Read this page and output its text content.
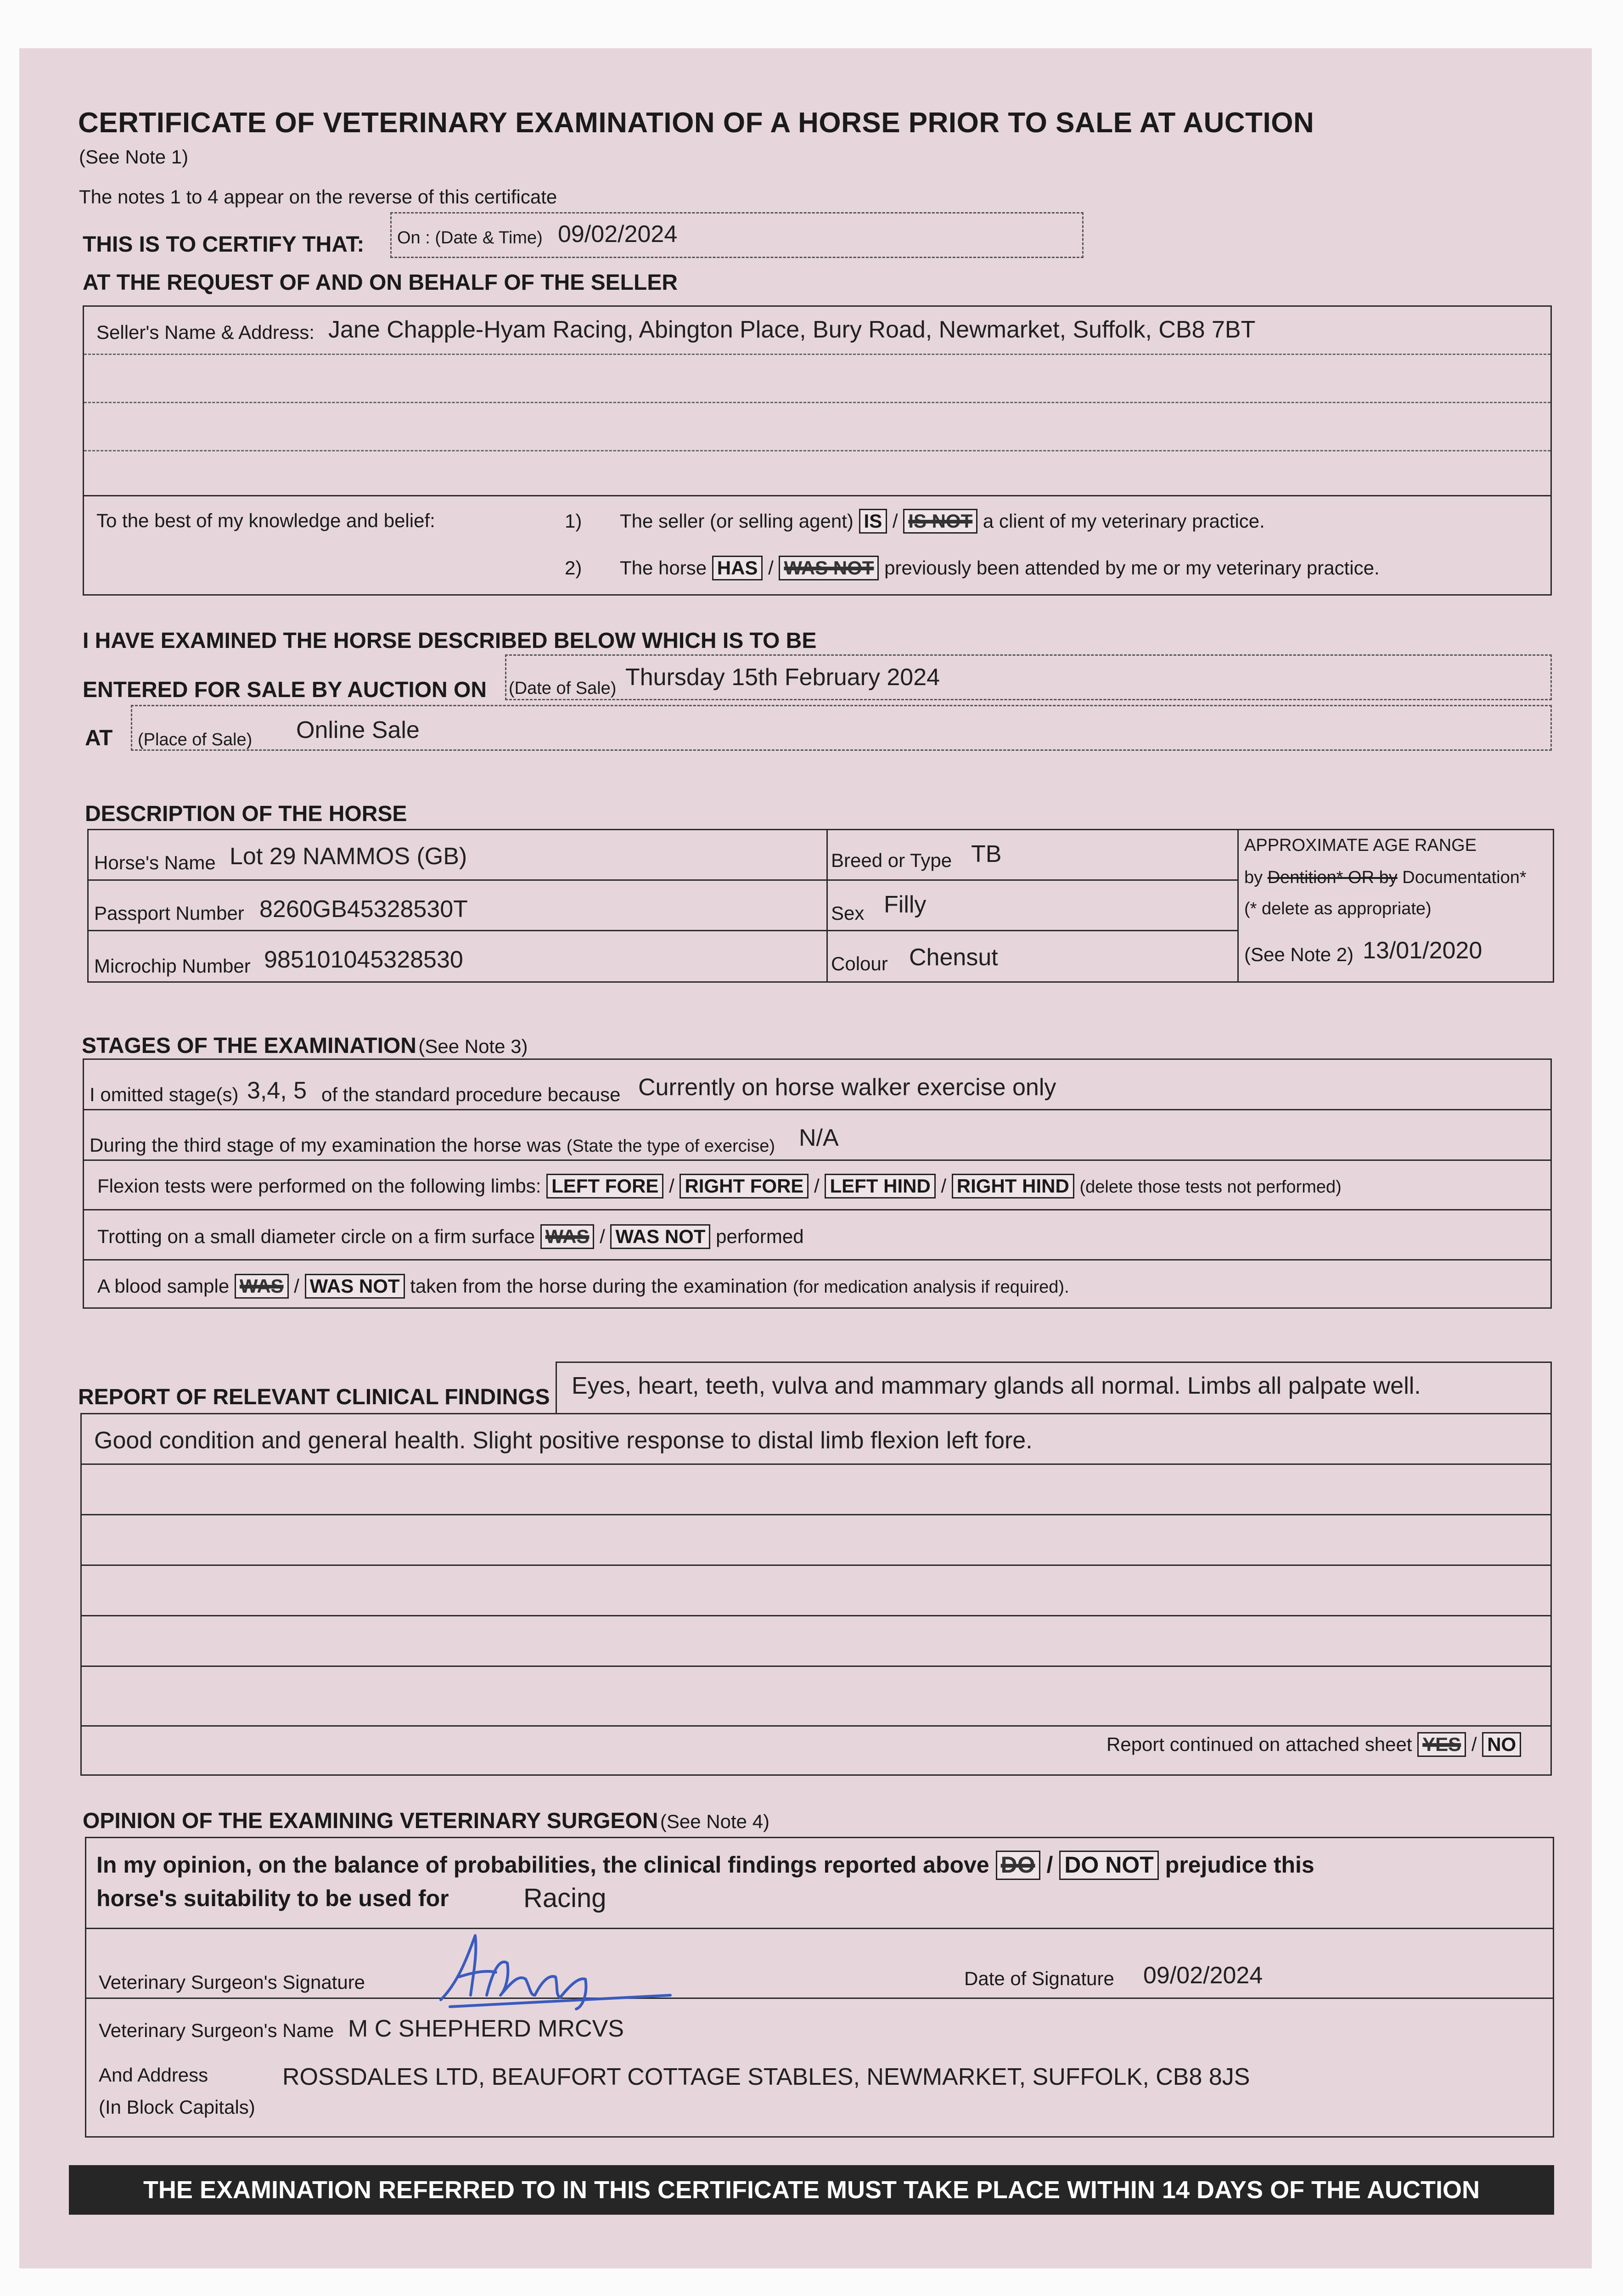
CERTIFICATE OF VETERINARY EXAMINATION OF A HORSE PRIOR TO SALE AT AUCTION
(See Note 1)
The notes 1 to 4 appear on the reverse of this certificate
THIS IS TO CERTIFY THAT: On : (Date & Time) 09/02/2024
AT THE REQUEST OF AND ON BEHALF OF THE SELLER
Seller's Name & Address: Jane Chapple-Hyam Racing, Abington Place, Bury Road, Newmarket, Suffolk, CB8 7BT
To the best of my knowledge and belief:	1) The seller (or selling agent) IS / IS NOT a client of my veterinary practice.
2) The horse HAS / WAS NOT previously been attended by me or my veterinary practice.
I HAVE EXAMINED THE HORSE DESCRIBED BELOW WHICH IS TO BE
ENTERED FOR SALE BY AUCTION ON (Date of Sale) Thursday 15th February 2024
AT (Place of Sale) Online Sale
DESCRIPTION OF THE HORSE
Horse's Name Lot 29 NAMMOS (GB)
Passport Number 8260GB45328530T
Microchip Number 985101045328530
Breed or Type TB
Sex Filly
Colour Chensut
APPROXIMATE AGE RANGE
by Dentition* OR by Documentation*
(* delete as appropriate)
(See Note 2) 13/01/2020
STAGES OF THE EXAMINATION (See Note 3)
I omitted stage(s) 3,4, 5 of the standard procedure because Currently on horse walker exercise only
During the third stage of my examination the horse was (State the type of exercise) N/A
Flexion tests were performed on the following limbs: LEFT FORE / RIGHT FORE / LEFT HIND / RIGHT HIND (delete those tests not performed)
Trotting on a small diameter circle on a firm surface WAS / WAS NOT performed
A blood sample WAS / WAS NOT taken from the horse during the examination (for medication analysis if required).
REPORT OF RELEVANT CLINICAL FINDINGS Eyes, heart, teeth, vulva and mammary glands all normal. Limbs all palpate well.
Good condition and general health. Slight positive response to distal limb flexion left fore.
Report continued on attached sheet YES / NO
OPINION OF THE EXAMINING VETERINARY SURGEON (See Note 4)
In my opinion, on the balance of probabilities, the clinical findings reported above DO / DO NOT prejudice this
horse's suitability to be used for	Racing
Veterinary Surgeon's Signature	Date of Signature 09/02/2024
Veterinary Surgeon's Name M C SHEPHERD MRCVS
And Address
(In Block Capitals)
ROSSDALES LTD, BEAUFORT COTTAGE STABLES, NEWMARKET, SUFFOLK, CB8 8JS
THE EXAMINATION REFERRED TO IN THIS CERTIFICATE MUST TAKE PLACE WITHIN 14 DAYS OF THE AUCTION
